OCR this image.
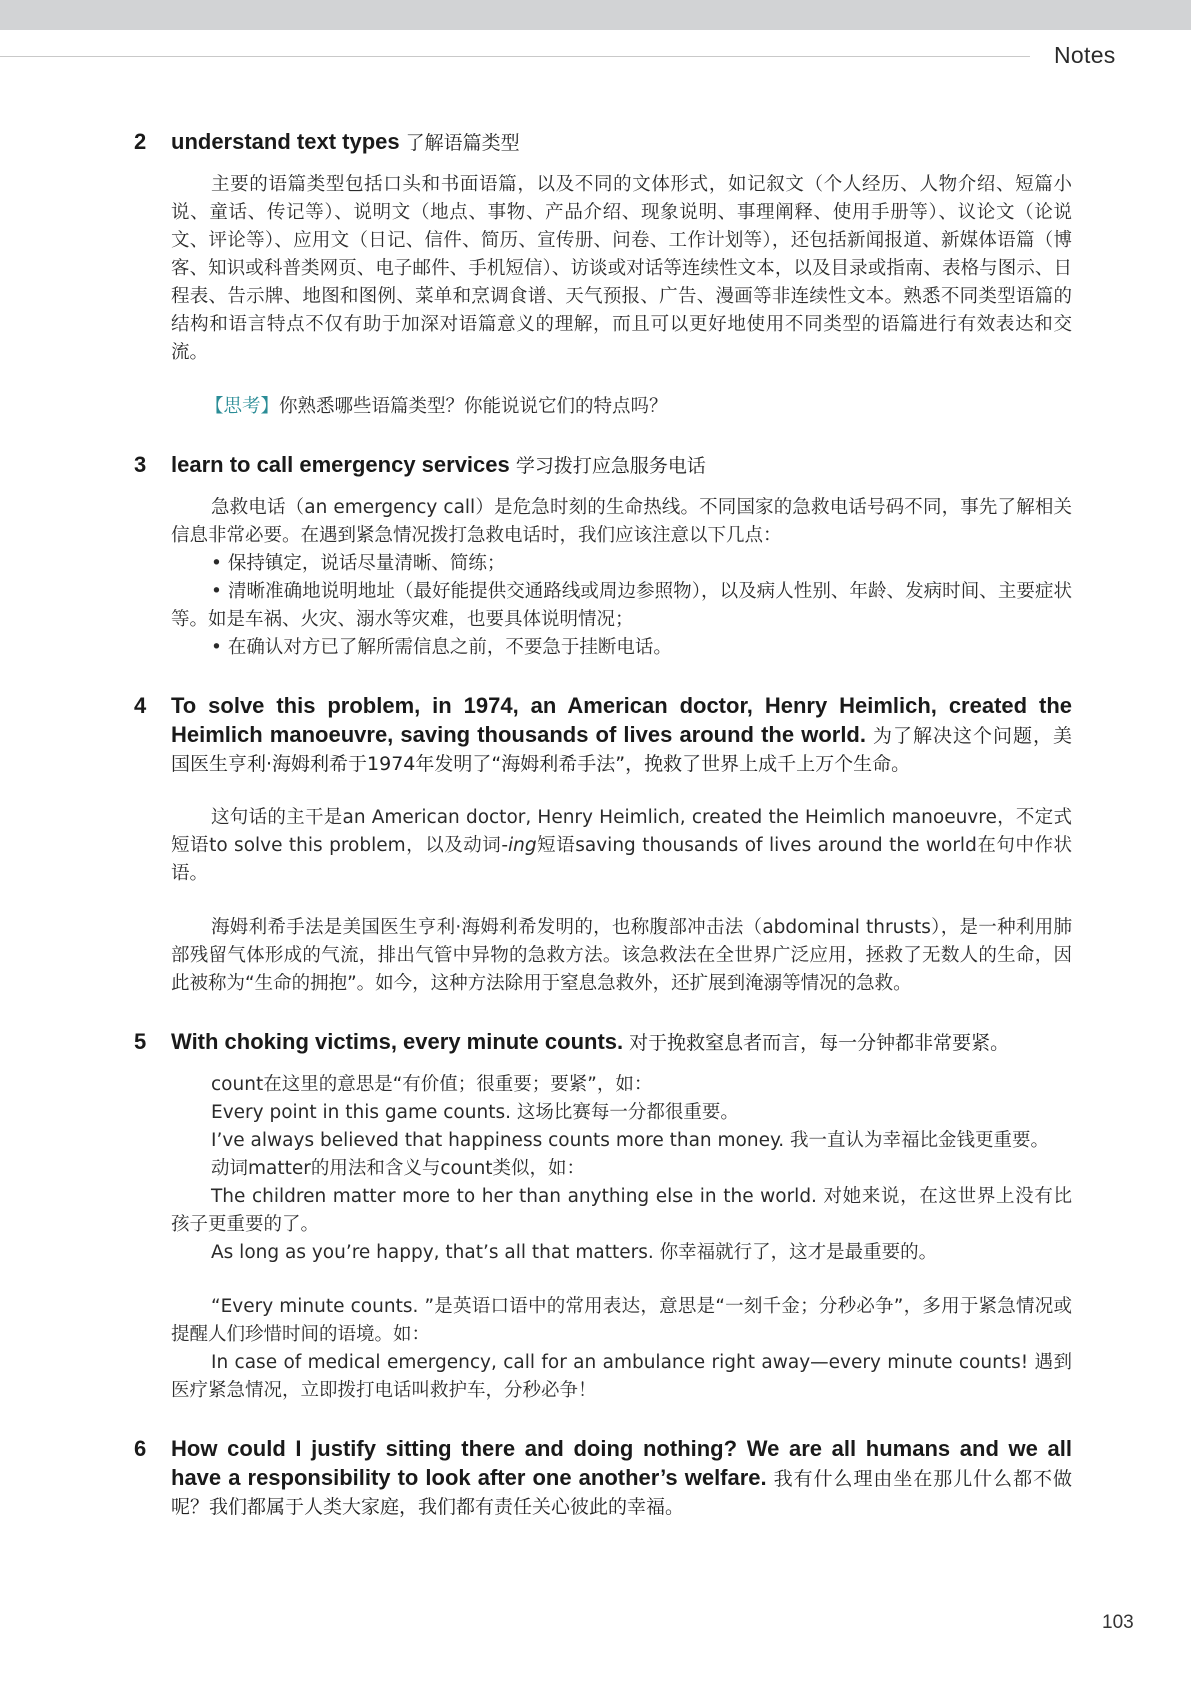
Notes
2 understand text types 了解语篇类型

主要的语篇类型包括口头和书面语篇，以及不同的文体形式，如记叙文（个人经历、人物介绍、短篇小说、童话、传记等）、说明文（地点、事物、产品介绍、现象说明、事理阐释、使用手册等）、议论文（论说文、评论等）、应用文（日记、信件、简历、宣传册、问卷、工作计划等），还包括新闻报道、新媒体语篇（博客、知识或科普类网页、电子邮件、手机短信）、访谈或对话等连续性文本，以及目录或指南、表格与图示、日程表、告示牌、地图和图例、菜单和烹调食谱、天气预报、广告、漫画等非连续性文本。熟悉不同类型语篇的结构和语言特点不仅有助于加深对语篇意义的理解，而且可以更好地使用不同类型的语篇进行有效表达和交流。

【思考】你熟悉哪些语篇类型？你能说说它们的特点吗？

3 learn to call emergency services 学习拨打应急服务电话

急救电话（an emergency call）是危急时刻的生命热线。不同国家的急救电话号码不同，事先了解相关信息非常必要。在遇到紧急情况拨打急救电话时，我们应该注意以下几点：

• 保持镇定，说话尽量清晰、简练；

• 清晰准确地说明地址（最好能提供交通路线或周边参照物），以及病人性别、年龄、发病时间、主要症状等。如是车祸、火灾、溺水等灾难，也要具体说明情况；

• 在确认对方已了解所需信息之前，不要急于挂断电话。

4 To solve this problem, in 1974, an American doctor, Henry Heimlich, created the Heimlich manoeuvre, saving thousands of lives around the world. 为了解决这个问题，美国医生亨利·海姆利希于1974年发明了“海姆利希手法”，挽救了世界上成千上万个生命。

这句话的主干是an American doctor, Henry Heimlich, created the Heimlich manoeuvre，不定式短语to solve this problem，以及动词-ing短语saving thousands of lives around the world在句中作状语。

海姆利希手法是美国医生亨利·海姆利希发明的，也称腹部冲击法（abdominal thrusts），是一种利用肺部残留气体形成的气流，排出气管中异物的急救方法。该急救法在全世界广泛应用，拯救了无数人的生命，因此被称为“生命的拥抱”。如今，这种方法除用于窒息急救外，还扩展到淹溺等情况的急救。

5 With choking victims, every minute counts. 对于挽救窒息者而言，每一分钟都非常要紧。

count在这里的意思是“有价值；很重要；要紧”，如：

Every point in this game counts. 这场比赛每一分都很重要。

I’ve always believed that happiness counts more than money. 我一直认为幸福比金钱更重要。

动词matter的用法和含义与count类似，如：

The children matter more to her than anything else in the world. 对她来说，在这世界上没有比孩子更重要的了。

As long as you’re happy, that’s all that matters. 你幸福就行了，这才是最重要的。

“Every minute counts. ”是英语口语中的常用表达，意思是“一刻千金；分秒必争”，多用于紧急情况或提醒人们珍惜时间的语境。如：

In case of medical emergency, call for an ambulance right away—every minute counts! 遇到医疗紧急情况，立即拨打电话叫救护车，分秒必争！

6 How could I justify sitting there and doing nothing? We are all humans and we all have a responsibility to look after one another’s welfare. 我有什么理由坐在那儿什么都不做呢？我们都属于人类大家庭，我们都有责任关心彼此的幸福。

103
